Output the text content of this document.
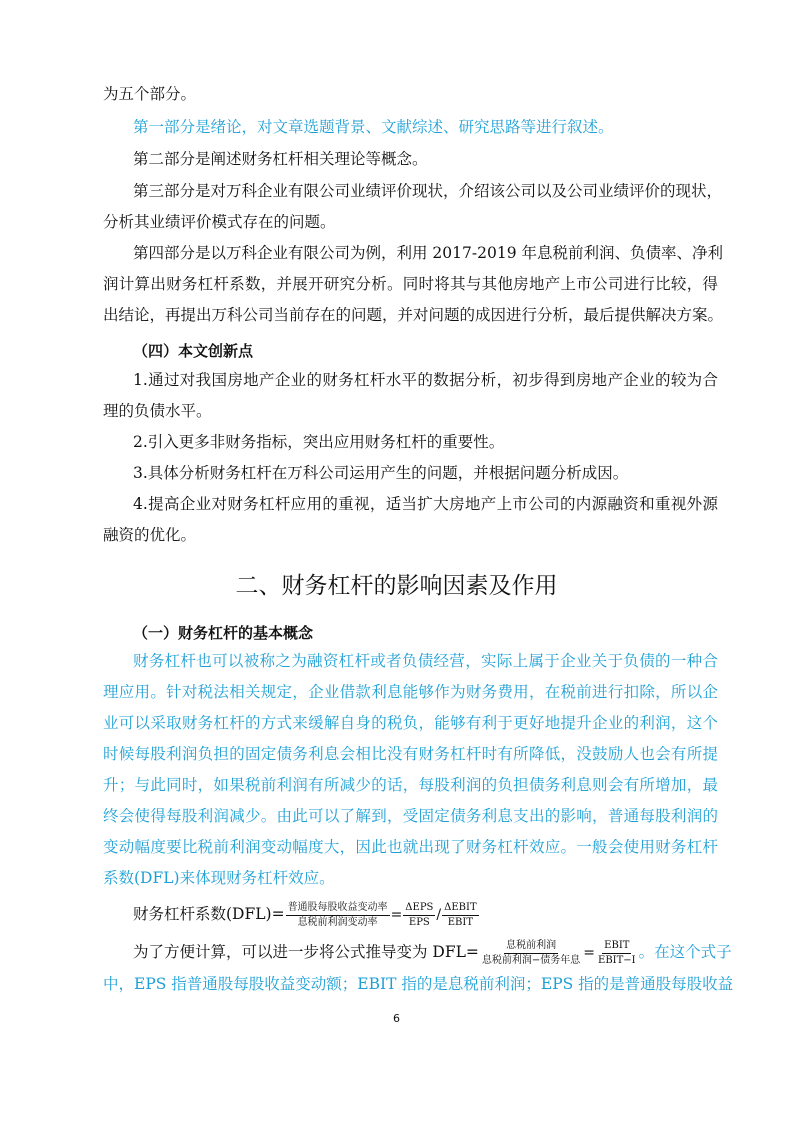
为五个部分。
第一部分是绪论，对文章选题背景、文献综述、研究思路等进行叙述。
第二部分是阐述财务杠杆相关理论等概念。
第三部分是对万科企业有限公司业绩评价现状，介绍该公司以及公司业绩评价的现状，
分析其业绩评价模式存在的问题。
第四部分是以万科企业有限公司为例，利用 2017-2019 年息税前利润、负债率、净利
润计算出财务杠杆系数，并展开研究分析。同时将其与其他房地产上市公司进行比较，得
出结论，再提出万科公司当前存在的问题，并对问题的成因进行分析，最后提供解决方案。
（四）本文创新点
1.通过对我国房地产企业的财务杠杆水平的数据分析，初步得到房地产企业的较为合
理的负债水平。
2.引入更多非财务指标，突出应用财务杠杆的重要性。
3.具体分析财务杠杆在万科公司运用产生的问题，并根据问题分析成因。
4.提高企业对财务杠杆应用的重视，适当扩大房地产上市公司的内源融资和重视外源
融资的优化。
二、财务杠杆的影响因素及作用
（一）财务杠杆的基本概念
财务杠杆也可以被称之为融资杠杆或者负债经营，实际上属于企业关于负债的一种合
理应用。针对税法相关规定，企业借款利息能够作为财务费用，在税前进行扣除，所以企
业可以采取财务杠杆的方式来缓解自身的税负，能够有利于更好地提升企业的利润，这个
时候每股利润负担的固定债务利息会相比没有财务杠杆时有所降低，没鼓励人也会有所提
升；与此同时，如果税前利润有所减少的话，每股利润的负担债务利息则会有所增加，最
终会使得每股利润减少。由此可以了解到，受固定债务利息支出的影响，普通每股利润的
变动幅度要比税前利润变动幅度大，因此也就出现了财务杠杆效应。一般会使用财务杠杆
系数(DFL)来体现财务杠杆效应。
财务杠杆系数$(DFL)= \frac{\text{普通股每股收益变动率}}{\text{息税前利润变动率}} = \frac{\text{ΔEPS}}{\text{EPS}} / \frac{\text{ΔEBIT}}{\text{EBIT}}$
为了方便计算，可以进一步将公式推导变为 $DFL= \frac{\text{息税前利润}}{\text{息税前利润−债务年息}} = \frac{\text{EBIT}}{\text{EBIT−I}}$ 。在这个式子
中，EPS 指普通股每股收益变动额；EBIT 指的是息税前利润；EPS 指的是普通股每股收益
6
